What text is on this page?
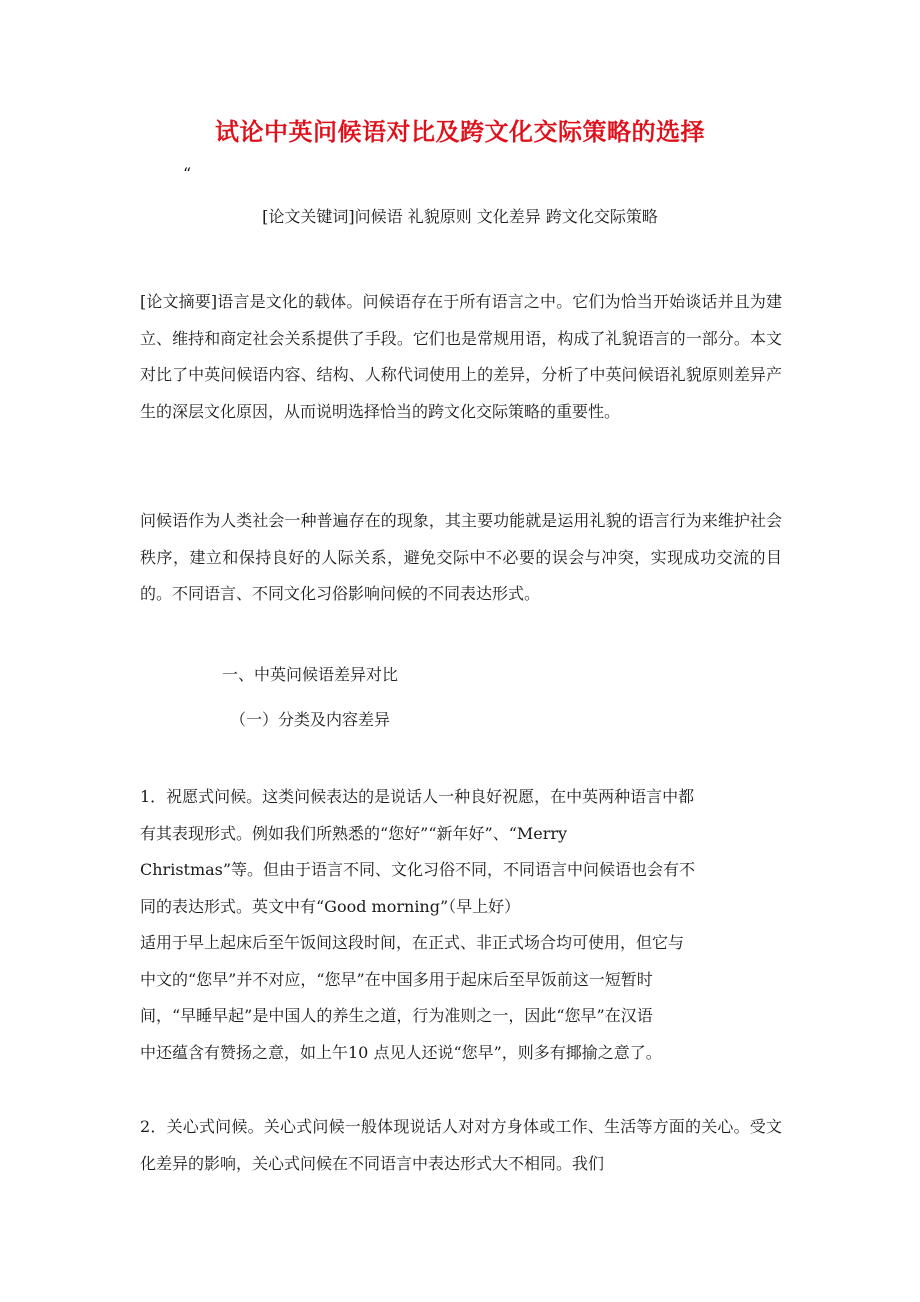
试论中英问候语对比及跨文化交际策略的选择
“

[论文关键词]问候语 礼貌原则 文化差异 跨文化交际策略

[论文摘要]语言是文化的载体。问候语存在于所有语言之中。它们为恰当开始谈话并且为建立、维持和商定社会关系提供了手段。它们也是常规用语，构成了礼貌语言的一部分。本文对比了中英问候语内容、结构、人称代词使用上的差异，分析了中英问候语礼貌原则差异产生的深层文化原因，从而说明选择恰当的跨文化交际策略的重要性。

问候语作为人类社会一种普遍存在的现象，其主要功能就是运用礼貌的语言行为来维护社会秩序，建立和保持良好的人际关系，避免交际中不必要的误会与冲突，实现成功交流的目的。不同语言、不同文化习俗影响问候的不同表达形式。

一、中英问候语差异对比

（一）分类及内容差异

1．祝愿式问候。这类问候表达的是说话人一种良好祝愿，在中英两种语言中都
有其表现形式。例如我们所熟悉的“您好”“新年好”、“Merry
Christmas”等。但由于语言不同、文化习俗不同，不同语言中问候语也会有不
同的表达形式。英文中有“Good morning”（早上好）
适用于早上起床后至午饭间这段时间，在正式、非正式场合均可使用，但它与
中文的“您早”并不对应，“您早”在中国多用于起床后至早饭前这一短暂时
间，“早睡早起”是中国人的养生之道，行为准则之一，因此“您早”在汉语
中还蕴含有赞扬之意，如上午10 点见人还说“您早”，则多有揶揄之意了。

2．关心式问候。关心式问候一般体现说话人对对方身体或工作、生活等方面的关心。受文化差异的影响，关心式问候在不同语言中表达形式大不相同。我们
